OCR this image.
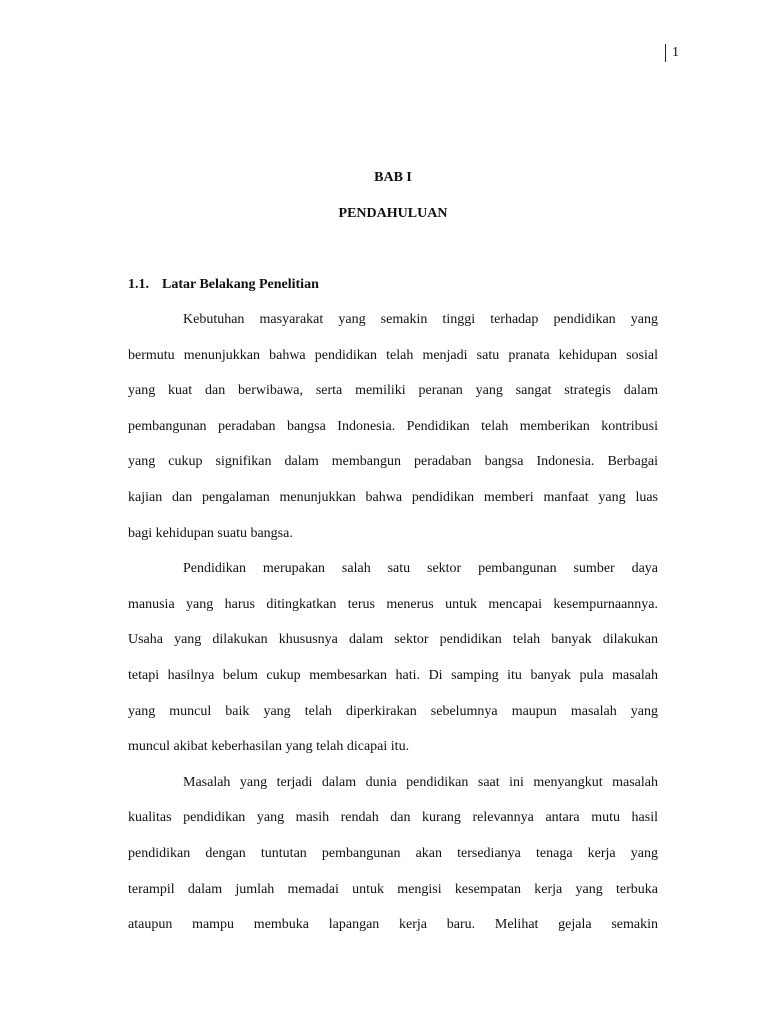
1
BAB I
PENDAHULUAN
1.1. Latar Belakang Penelitian
Kebutuhan masyarakat yang semakin tinggi terhadap pendidikan yang
bermutu menunjukkan bahwa pendidikan telah menjadi satu pranata kehidupan sosial
yang kuat dan berwibawa, serta memiliki peranan yang sangat strategis dalam
pembangunan peradaban bangsa Indonesia. Pendidikan telah memberikan kontribusi
yang cukup signifikan dalam membangun peradaban bangsa Indonesia. Berbagai
kajian dan pengalaman menunjukkan bahwa pendidikan memberi manfaat yang luas
bagi kehidupan suatu bangsa.
Pendidikan merupakan salah satu sektor pembangunan sumber daya
manusia yang harus ditingkatkan terus menerus untuk mencapai kesempurnaannya.
Usaha yang dilakukan khususnya dalam sektor pendidikan telah banyak dilakukan
tetapi hasilnya belum cukup membesarkan hati. Di samping itu banyak pula masalah
yang muncul baik yang telah diperkirakan sebelumnya maupun masalah yang
muncul akibat keberhasilan yang telah dicapai itu.
Masalah yang terjadi dalam dunia pendidikan saat ini menyangkut masalah
kualitas pendidikan yang masih rendah dan kurang relevannya antara mutu hasil
pendidikan dengan tuntutan pembangunan akan tersedianya tenaga kerja yang
terampil dalam jumlah memadai untuk mengisi kesempatan kerja yang terbuka
ataupun mampu membuka lapangan kerja baru. Melihat gejala semakin
